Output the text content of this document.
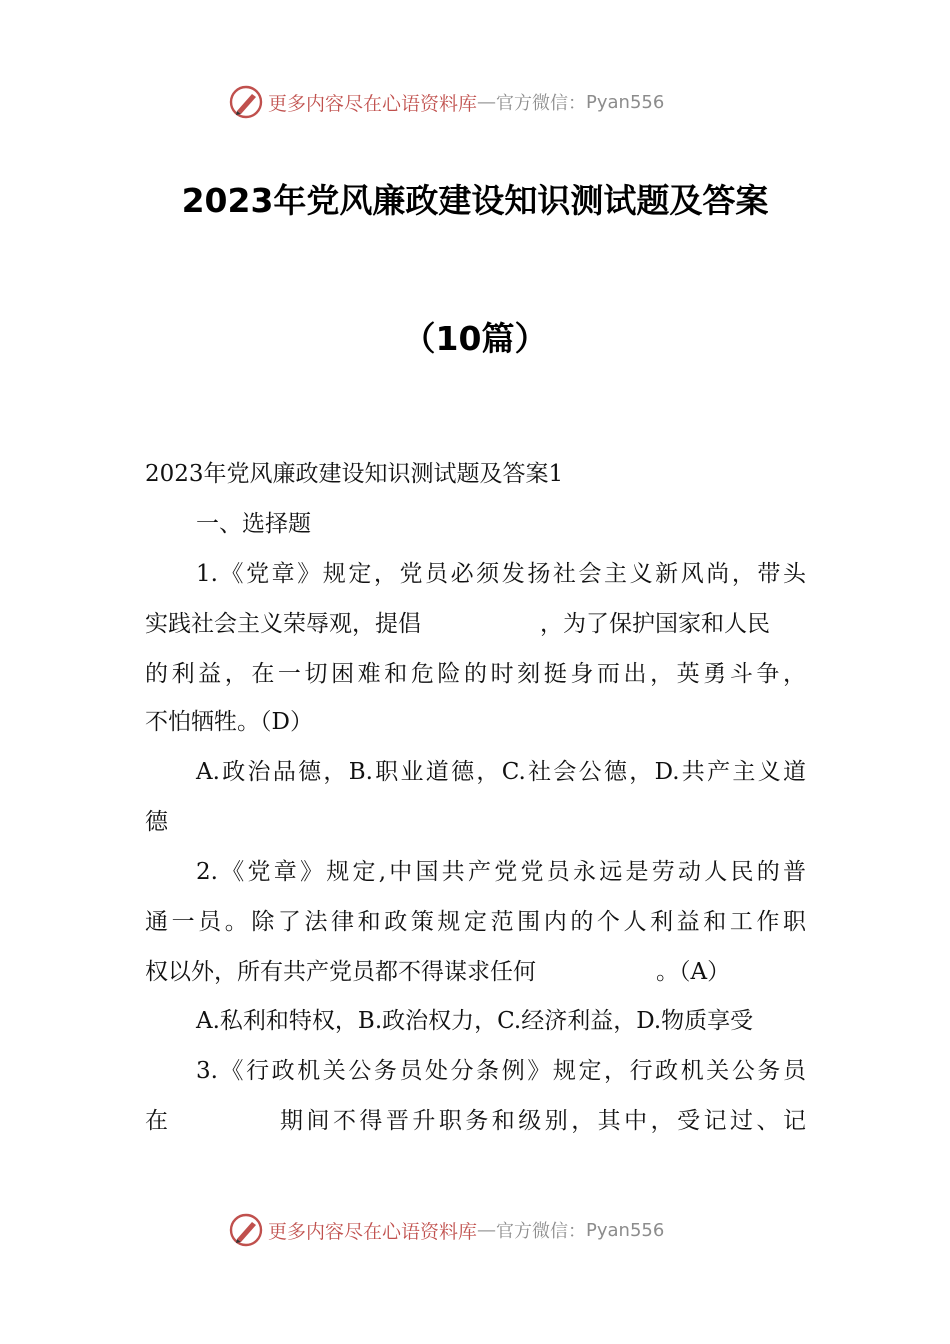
更多内容尽在心语资料库 — 官方微信： Pyan556
2023年党风廉政建设知识测试题及答案
（10篇）
2023年党风廉政建设知识测试题及答案1
一、选择题
1.《党章》规定，党员必须发扬社会主义新风尚，带头
实践社会主义荣辱观，提倡	，为了保护国家和人民
的利益，在一切困难和危险的时刻挺身而出，英勇斗争，
不怕牺牲。（D）
A.政治品德，B.职业道德，C.社会公德，D.共产主义道
德
2.《党章》规定,中国共产党党员永远是劳动人民的普
通一员。除了法律和政策规定范围内的个人利益和工作职
权以外，所有共产党员都不得谋求任何	。（A）
A.私利和特权，B.政治权力，C.经济利益，D.物质享受
3.《行政机关公务员处分条例》规定，行政机关公务员
在	期间不得晋升职务和级别，其中，受记过、记
更多内容尽在心语资料库 — 官方微信： Pyan556
